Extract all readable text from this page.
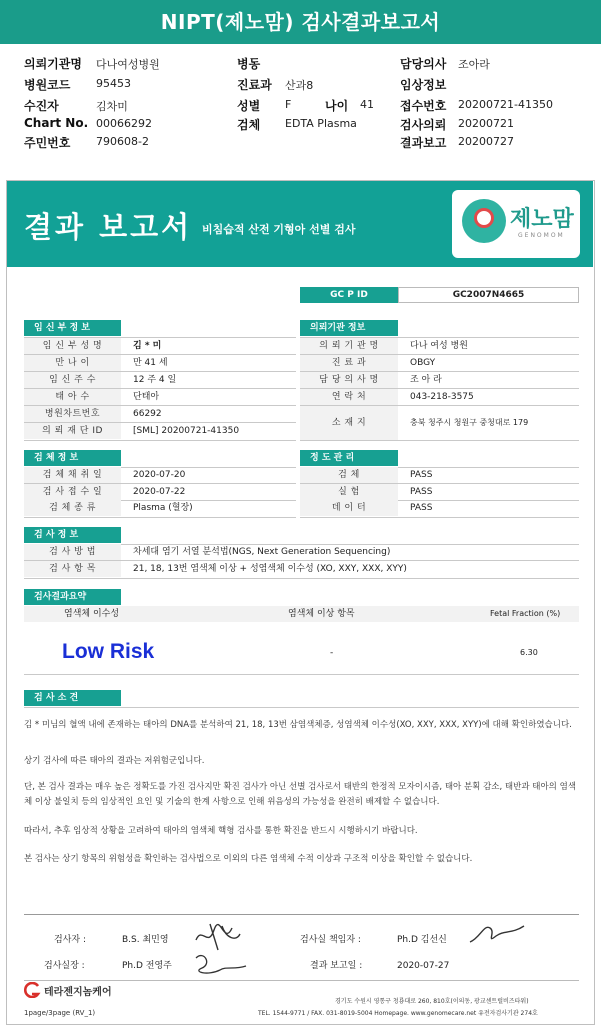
NIPT(제노맘) 검사결과보고서
의뢰기관명 다나여성병원
병원코드 95453
수진자	김차미
Chart No. 00066292
주민번호 790608-2
병동
진료과 산과8
성별 F	나이 41
검체 EDTA Plasma
담당의사 조아라
임상정보
접수번호 20200721-41350
검사의뢰 20200721
결과보고 20200727
결과 보고서 비침습적 산전 기형아 선별 검사	제노맘
GENOMOM
GC P ID	GC2007N4665
임 신 부 정 보
임 신 부 성 명	김 * 미
만 나 이	만 41 세
임 신 주 수	12 주 4 일
태 아 수	단태아
병원차트번호	66292
의 뢰 재 단 ID	[SML] 20200721-41350
의뢰기관 정보
의 뢰 기 관 명	다나 여성 병원
진 료 과	OBGY
담 당 의 사 명	조 아 라
연 락 처	043-218-3575
소 재 지	충북 청주시 청원구 중청대로 179
검 체 정 보
검 체 채 취 일	2020-07-20
검 사 접 수 일	2020-07-22
검 체 종 류	Plasma (혈장)
정 도 관 리
검 체	PASS
실 험	PASS
데 이 터	PASS
검 사 정 보
검 사 방 법	차세대 염기 서열 분석법(NGS, Next Generation Sequencing)
검 사 항 목	21, 18, 13번 염색체 이상 + 성염색체 이수성 (XO, XXY, XXX, XYY)
검사결과요약
염색체 이수성	염색체 이상 항목	Fetal Fraction (%)
Low Risk	-	6.30
검 사 소 견
김 * 미님의 혈액 내에 존재하는 태아의 DNA를 분석하여 21, 18, 13번 삼염색체증, 성염색체 이수성(XO, XXY, XXX, XYY)에 대해 확인하였습니다.
상기 검사에 따른 태아의 결과는 저위험군입니다.
단, 본 검사 결과는 매우 높은 정확도를 가진 검사지만 확진 검사가 아닌 선별 검사로서 태반의 한정적 모자이시즘, 태아 분획 감소, 태반과 태아의 염색체 이상 불일치 등의 임상적인 요인 및 기술의 한계 사항으로 인해 위음성의 가능성을 완전히 배제할 수 없습니다.
따라서, 추후 임상적 상황을 고려하여 태아의 염색체 핵형 검사를 통한 확진을 반드시 시행하시기 바랍니다.
본 검사는 상기 항목의 위험성을 확인하는 검사법으로 이외의 다른 염색체 수적 이상과 구조적 이상을 확인할 수 없습니다.
검사자 :	B.S. 최민영	검사실 책임자 :	Ph.D 김선신
검사실장 :	Ph.D 전영주	결과 보고일 :	2020-07-27
테라젠지놈케어
경기도 수원시 영통구 청룡대로 260, 810호(이의동, 광교센트럴비즈타워)
TEL. 1544-9771 / FAX. 031-8019-5004 Homepage. www.genomecare.net 유전자검사기관 274호
1page/3page (RV_1)
